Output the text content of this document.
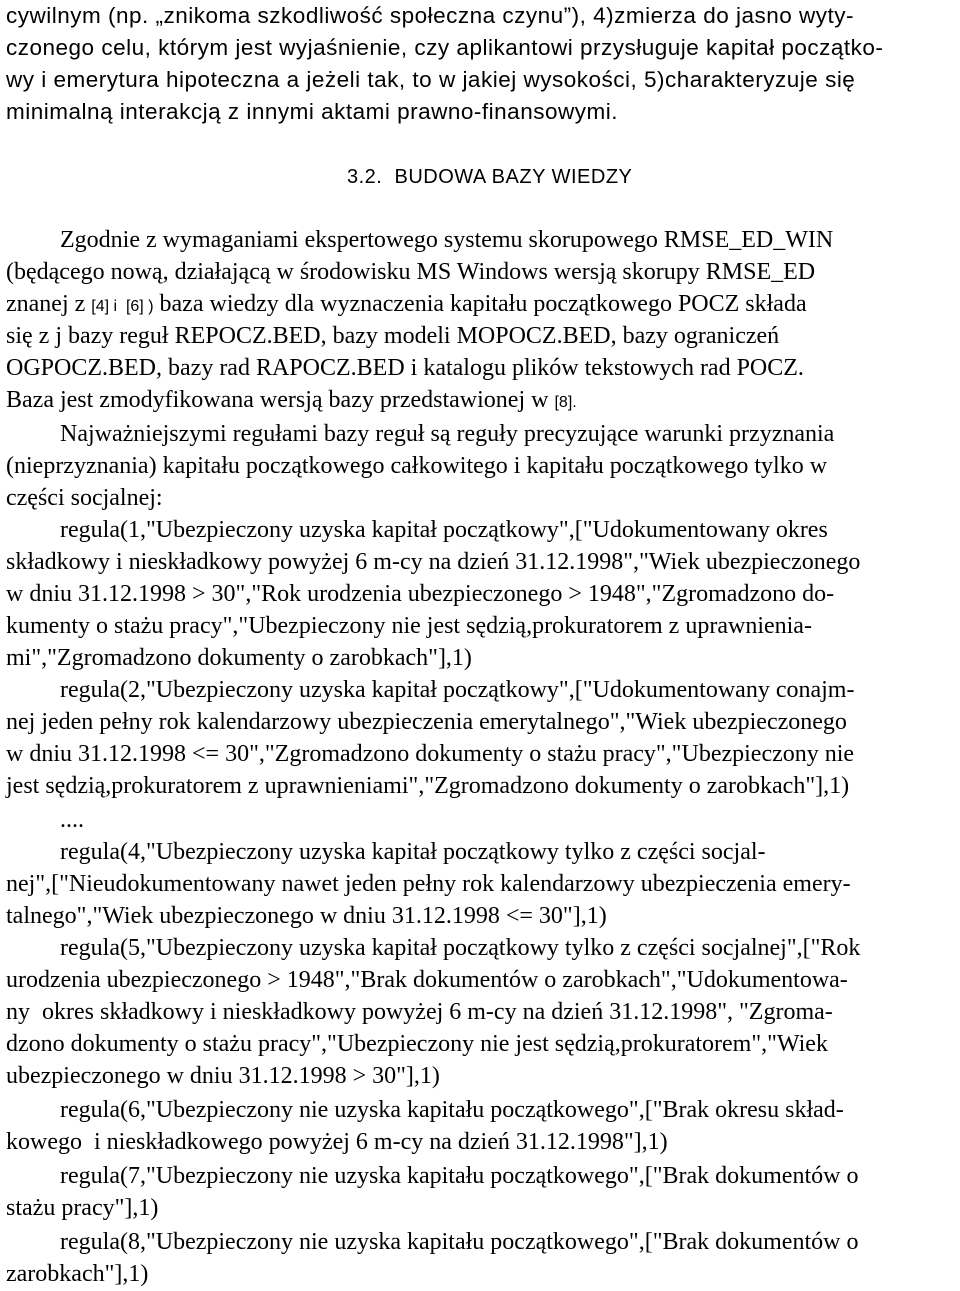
cywilnym (np. „znikoma szkodliwość społeczna czynu”), 4)zmierza do jasno wyty-
czonego celu, którym jest wyjaśnienie, czy aplikantowi przysługuje kapitał początko-
wy i emerytura hipoteczna a jeżeli tak, to w jakiej wysokości, 5)charakteryzuje się
minimalną interakcją z innymi aktami prawno-finansowymi.
3.2.  BUDOWA BAZY WIEDZY
Zgodnie z wymaganiami ekspertowego systemu skorupowego RMSE_ED_WIN
(będącego nową, działającą w środowisku MS Windows wersją skorupy RMSE_ED
znanej z [4] i  [6] ) baza wiedzy dla wyznaczenia kapitału początkowego POCZ składa
się z j bazy reguł REPOCZ.BED, bazy modeli MOPOCZ.BED, bazy ograniczeń
OGPOCZ.BED, bazy rad RAPOCZ.BED i katalogu plików tekstowych rad POCZ.
Baza jest zmodyfikowana wersją bazy przedstawionej w [8].
Najważniejszymi regułami bazy reguł są reguły precyzujące warunki przyznania
(nieprzyznania) kapitału początkowego całkowitego i kapitału początkowego tylko w
części socjalnej:
regula(1,"Ubezpieczony uzyska kapitał początkowy",["Udokumentowany okres
składkowy i nieskładkowy powyżej 6 m-cy na dzień 31.12.1998","Wiek ubezpieczonego
w dniu 31.12.1998 > 30","Rok urodzenia ubezpieczonego > 1948","Zgromadzono do-
kumenty o stażu pracy","Ubezpieczony nie jest sędzią,prokuratorem z uprawnienia-
mi","Zgromadzono dokumenty o zarobkach"],1)
regula(2,"Ubezpieczony uzyska kapitał początkowy",["Udokumentowany conajm-
nej jeden pełny rok kalendarzowy ubezpieczenia emerytalnego","Wiek ubezpieczonego
w dniu 31.12.1998 <= 30","Zgromadzono dokumenty o stażu pracy","Ubezpieczony nie
jest sędzią,prokuratorem z uprawnieniami","Zgromadzono dokumenty o zarobkach"],1)
....
regula(4,"Ubezpieczony uzyska kapitał początkowy tylko z części socjal-
nej",["Nieudokumentowany nawet jeden pełny rok kalendarzowy ubezpieczenia emery-
talnego","Wiek ubezpieczonego w dniu 31.12.1998 <= 30"],1)
regula(5,"Ubezpieczony uzyska kapitał początkowy tylko z części socjalnej",["Rok
urodzenia ubezpieczonego > 1948","Brak dokumentów o zarobkach","Udokumentowa-
ny  okres składkowy i nieskładkowy powyżej 6 m-cy na dzień 31.12.1998", "Zgroma-
dzono dokumenty o stażu pracy","Ubezpieczony nie jest sędzią,prokuratorem","Wiek
ubezpieczonego w dniu 31.12.1998 > 30"],1)
regula(6,"Ubezpieczony nie uzyska kapitału początkowego",["Brak okresu skład-
kowego  i nieskładkowego powyżej 6 m-cy na dzień 31.12.1998"],1)
regula(7,"Ubezpieczony nie uzyska kapitału początkowego",["Brak dokumentów o
stażu pracy"],1)
regula(8,"Ubezpieczony nie uzyska kapitału początkowego",["Brak dokumentów o
zarobkach"],1)
